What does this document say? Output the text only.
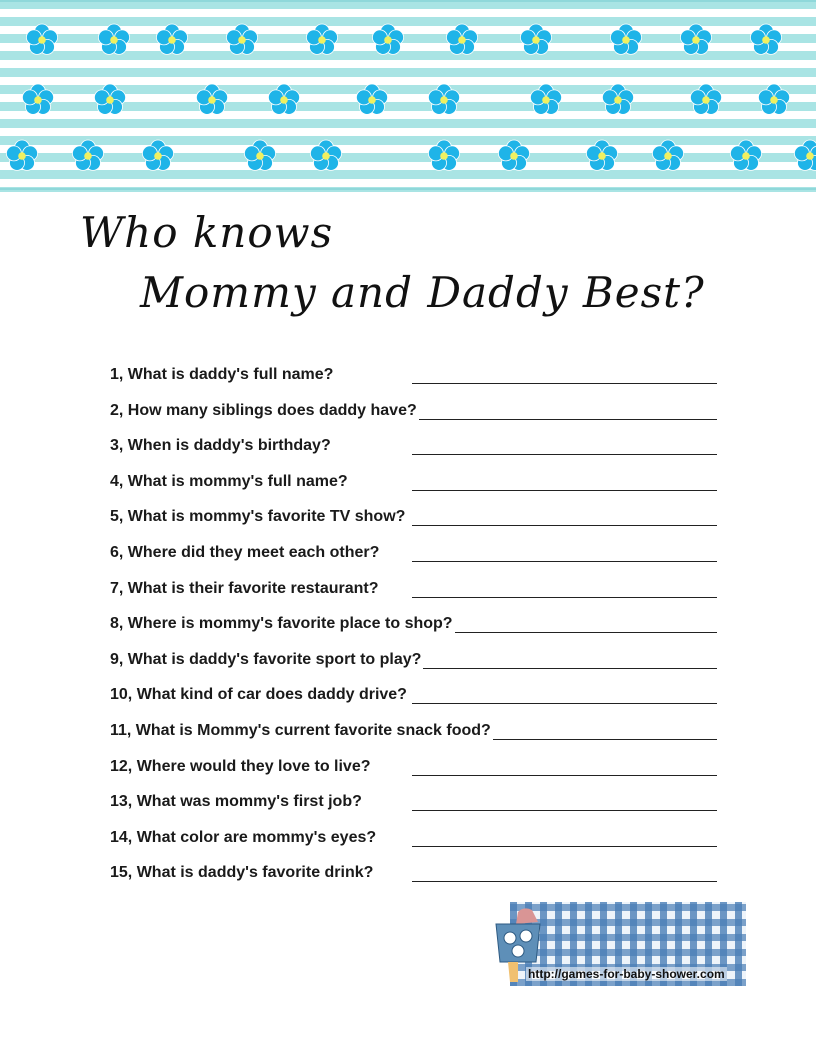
Who knows
Mommy and Daddy Best?
1, What is daddy's full name?
2, How many siblings does daddy have?
3, When is daddy's birthday?
4, What is mommy's full name?
5, What is mommy's favorite TV show?
6, Where did they meet each other?
7, What is their favorite restaurant?
8, Where is mommy's favorite place to shop?
9, What is daddy's favorite sport to play?
10, What kind of car does daddy drive?
11, What is Mommy's current favorite snack food?
12, Where would they love to live?
13, What was mommy's first job?
14, What color are mommy's eyes?
15, What is daddy's favorite drink?
http://games-for-baby-shower.com
